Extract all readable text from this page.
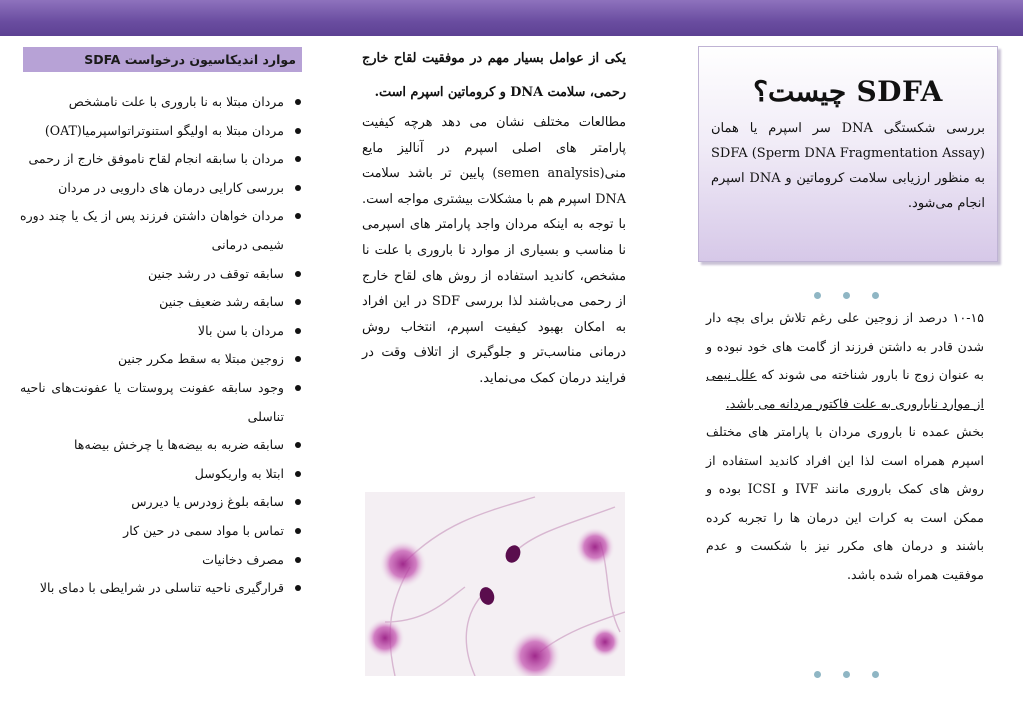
SDFA چیست؟

بررسی شکستگی DNA سر اسپرم یا همان SDFA (Sperm DNA Fragmentation Assay) به منظور ارزیابی سلامت کروماتین و DNA اسپرم انجام می‌شود.

۱۰-۱۵ درصد از زوجین علی رغم تلاش برای بچه دار شدن قادر به داشتن فرزند از گامت های خود نبوده و به عنوان زوج نا بارور شناخته می شوند که علل نیمی از موارد ناباروری به علت فاکتور مردانه می باشد.

بخش عمده نا باروری مردان با پارامتر های مختلف اسپرم همراه است لذا این افراد کاندید استفاده از روش های کمک باروری مانند IVF و ICSI بوده و ممکن است به کرات این درمان ها را تجربه کرده باشند و درمان های مکرر نیز با شکست و عدم موفقیت همراه شده باشد.

یکی از عوامل بسیار مهم در موفقیت لقاح خارج رحمی، سلامت DNA و کروماتین اسپرم است.

مطالعات مختلف نشان می دهد هرچه کیفیت پارامتر های اصلی اسپرم در آنالیز مایع منی(semen analysis) پایین تر باشد سلامت DNA اسپرم هم با مشکلات بیشتری مواجه است. با توجه به اینکه مردان واجد پارامتر های اسپرمی نا مناسب و بسیاری از موارد نا باروری با علت نا مشخص، کاندید استفاده از روش های لقاح خارج از رحمی می‌باشند لذا بررسی SDF در این افراد به امکان بهبود کیفیت اسپرم، انتخاب روش درمانی مناسب‌تر و جلوگیری از اتلاف وقت در فرایند درمان کمک می‌نماید.

موارد اندیکاسیون درخواست SDFA
مردان مبتلا به نا باروری با علت نامشخص
مردان مبتلا به اولیگو استنوتراتواسپرمیا(OAT)
مردان با سابقه انجام لقاح ناموفق خارج از رحمی
بررسی کارایی درمان های دارویی در مردان
مردان خواهان داشتن فرزند پس از یک یا چند دوره شیمی درمانی
سابقه توقف در رشد جنین
سابقه رشد ضعیف جنین
مردان با سن بالا
زوجین مبتلا به سقط مکرر جنین
وجود سابقه عفونت پروستات یا عفونت‌های ناحیه تناسلی
سابقه ضربه به بیضه‌ها یا چرخش بیضه‌ها
ابتلا به واریکوسل
سابقه بلوغ زودرس یا دیررس
تماس با مواد سمی در حین کار
مصرف دخانیات
قرارگیری ناحیه تناسلی در شرایطی با دمای بالا
